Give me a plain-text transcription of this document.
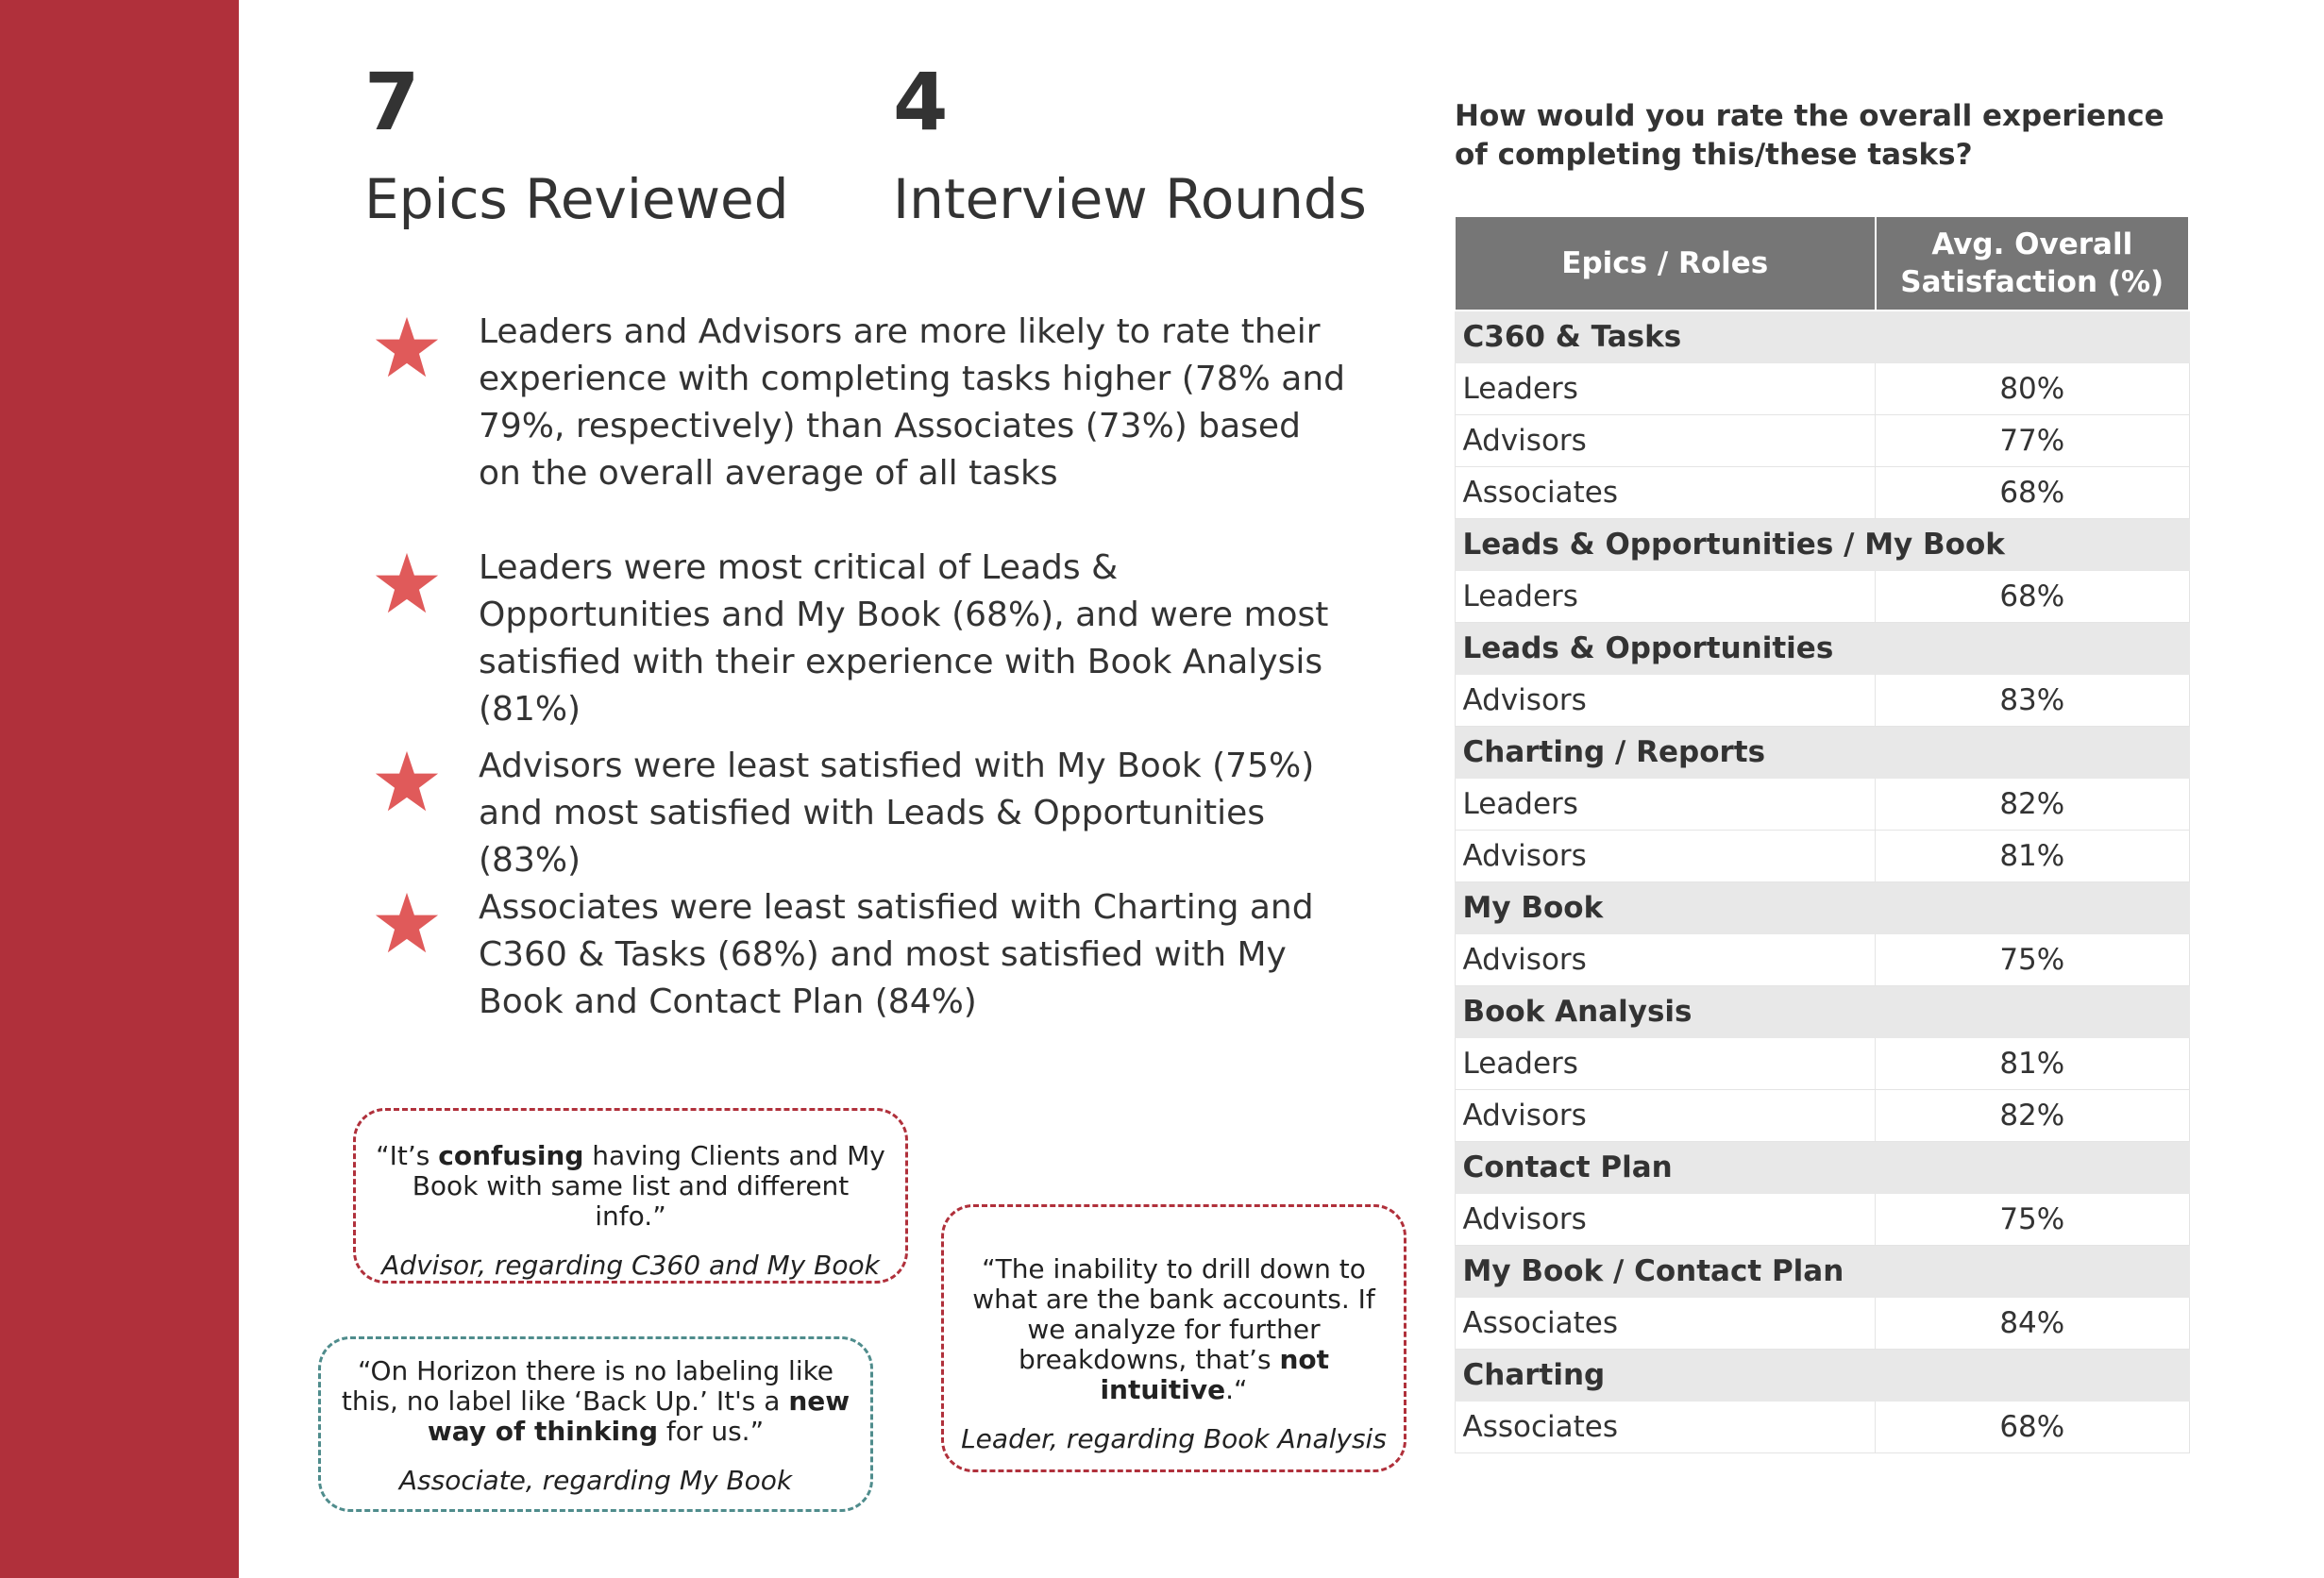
7
Epics Reviewed
4
Interview Rounds
Leaders and Advisors are more likely to rate their experience with completing tasks higher (78% and 79%, respectively) than Associates (73%) based on the overall average of all tasks
Leaders were most critical of Leads & Opportunities and My Book (68%), and were most satisfied with their experience with Book Analysis (81%)
Advisors were least satisfied with My Book (75%) and most satisfied with Leads & Opportunities (83%)
Associates were least satisfied with Charting and C360 & Tasks (68%) and most satisfied with My Book and Contact Plan (84%)
“It’s confusing having Clients and My Book with same list and different info.”
Advisor, regarding C360 and My Book	“The inability to drill down to what are the bank accounts. If we analyze for further breakdowns, that’s not intuitive.“
Leader, regarding Book Analysis
“On Horizon there is no labeling like this, no label like ‘Back Up.’ It's a new way of thinking for us.”
Associate, regarding My Book
How would you rate the overall experience of completing this/these tasks?
Epics / Roles	Avg. Overall Satisfaction (%)
C360 & Tasks	
Leaders	80%
Advisors	77%
Associates	68%
Leads & Opportunities / My Book	
Leaders	68%
Leads & Opportunities	
Advisors	83%
Charting / Reports	
Leaders	82%
Advisors	81%
My Book	
Advisors	75%
Book Analysis	
Leaders	81%
Advisors	82%
Contact Plan	
Advisors	75%
My Book / Contact Plan	
Associates	84%
Charting	
Associates	68%
